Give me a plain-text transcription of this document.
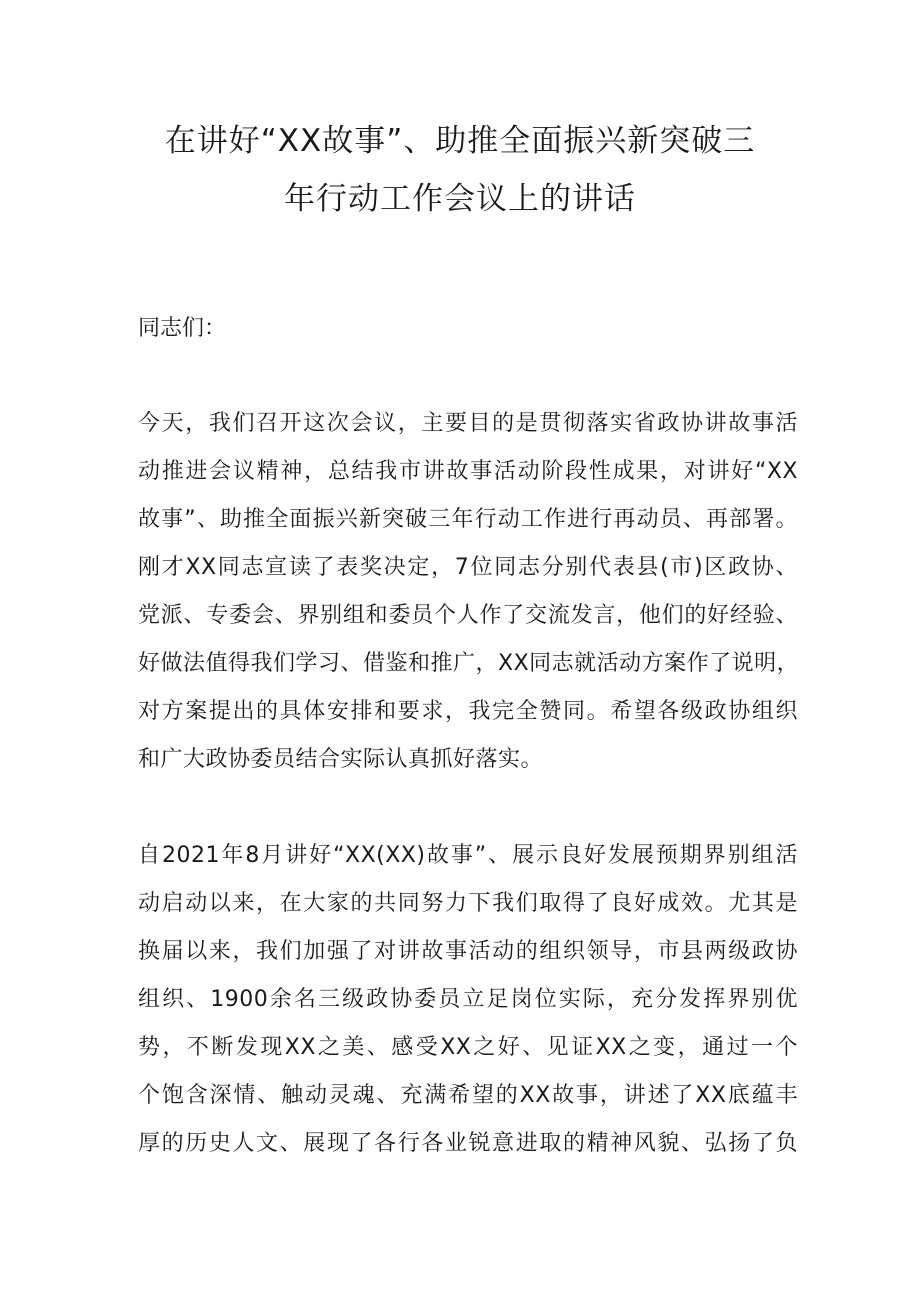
在讲好“XX故事”、助推全面振兴新突破三
年行动工作会议上的讲话

同志们：

今天，我们召开这次会议，主要目的是贯彻落实省政协讲故事活
动推进会议精神，总结我市讲故事活动阶段性成果，对讲好“XX
故事”、助推全面振兴新突破三年行动工作进行再动员、再部署。
刚才XX同志宣读了表奖决定，7位同志分别代表县(市)区政协、
党派、专委会、界别组和委员个人作了交流发言，他们的好经验、
好做法值得我们学习、借鉴和推广，XX同志就活动方案作了说明，
对方案提出的具体安排和要求，我完全赞同。希望各级政协组织
和广大政协委员结合实际认真抓好落实。

自2021年8月讲好“XX(XX)故事”、展示良好发展预期界别组活
动启动以来，在大家的共同努力下我们取得了良好成效。尤其是
换届以来，我们加强了对讲故事活动的组织领导，市县两级政协
组织、1900余名三级政协委员立足岗位实际，充分发挥界别优
势，不断发现XX之美、感受XX之好、见证XX之变，通过一个
个饱含深情、触动灵魂、充满希望的XX故事，讲述了XX底蕴丰
厚的历史人文、展现了各行各业锐意进取的精神风貌、弘扬了负
